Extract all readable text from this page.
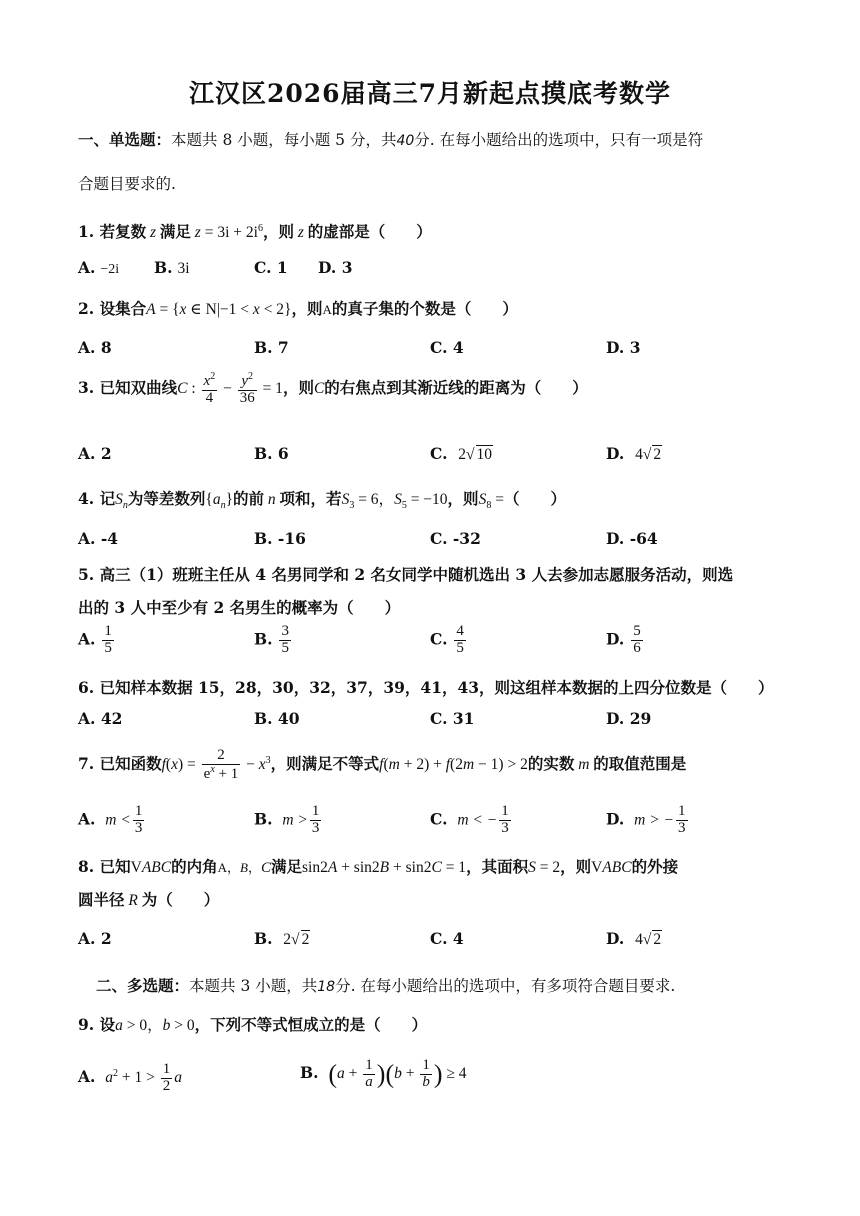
江汉区2026届高三7月新起点摸底考数学
一、单选题：本题共 8 小题，每小题 5 分，共40分. 在每小题给出的选项中，只有一项是符
合题目要求的.
1. 若复数 z 满足 $z = 3i + 2i^6$，则 z 的虚部是（　　）
A. −2i B. 3i	C. 1 D. 3
2. 设集合A = {x ∈ N|−1 < x < 2}，则A的真子集的个数是（　　）
A. 8	B. 7	C. 4	D. 3
3. 已知双曲线C : $\frac{x^2}{4} - \frac{y^2}{36} = 1$，则C的右焦点到其渐近线的距离为（　　）
A. 2	B. 6	C. 2√ 10	D. 4√ 2
4. 记$S_n$为等差数列$\{a_n\}$的前 n 项和，若$S_3 = 6$，$S_5 = -10$，则$S_8$ =（　　）
A. -4	B. -16	C. -32	D. -64
5. 高三（1）班班主任从 4 名男同学和 2 名女同学中随机选出 3 人去参加志愿服务活动，则选
出的 3 人中至少有 2 名男生的概率为（　　）
A. $\frac{1}{5}$	B. $\frac{3}{5}$	C. $\frac{4}{5}$	D. $\frac{5}{6}$
6. 已知样本数据 15，28，30，32，37，39，41，43，则这组样本数据的上四分位数是（　　）
A. 42	B. 40	C. 31	D. 29
7. 已知函数$f(x) = \frac{2}{e^x + 1} - x^3$，则满足不等式f(m + 2) + f(2m − 1) > 2的实数 m 的取值范围是
A. $m < \frac{1}{3}$	B. $m > \frac{1}{3}$	C. m < − $\frac{1}{3}$	D. m > − $\frac{1}{3}$
8. 已知VABC的内角A，B，C满足sin2A + sin2B + sin2C = 1，其面积S = 2，则VABC的外接
圆半径 R 为（　　）
A. 2	B. 2√ 2	C. 4	D. 4√ 2
二、多选题：本题共 3 小题，共18分. 在每小题给出的选项中，有多项符合题目要求.
9. 设a > 0，b > 0，下列不等式恒成立的是（　　）
A. $a^2 + 1 > \frac{1}{2}$ a	B. $(a + \frac{1}{a} )(b + \frac{1}{b}$ ) ≥ 4
